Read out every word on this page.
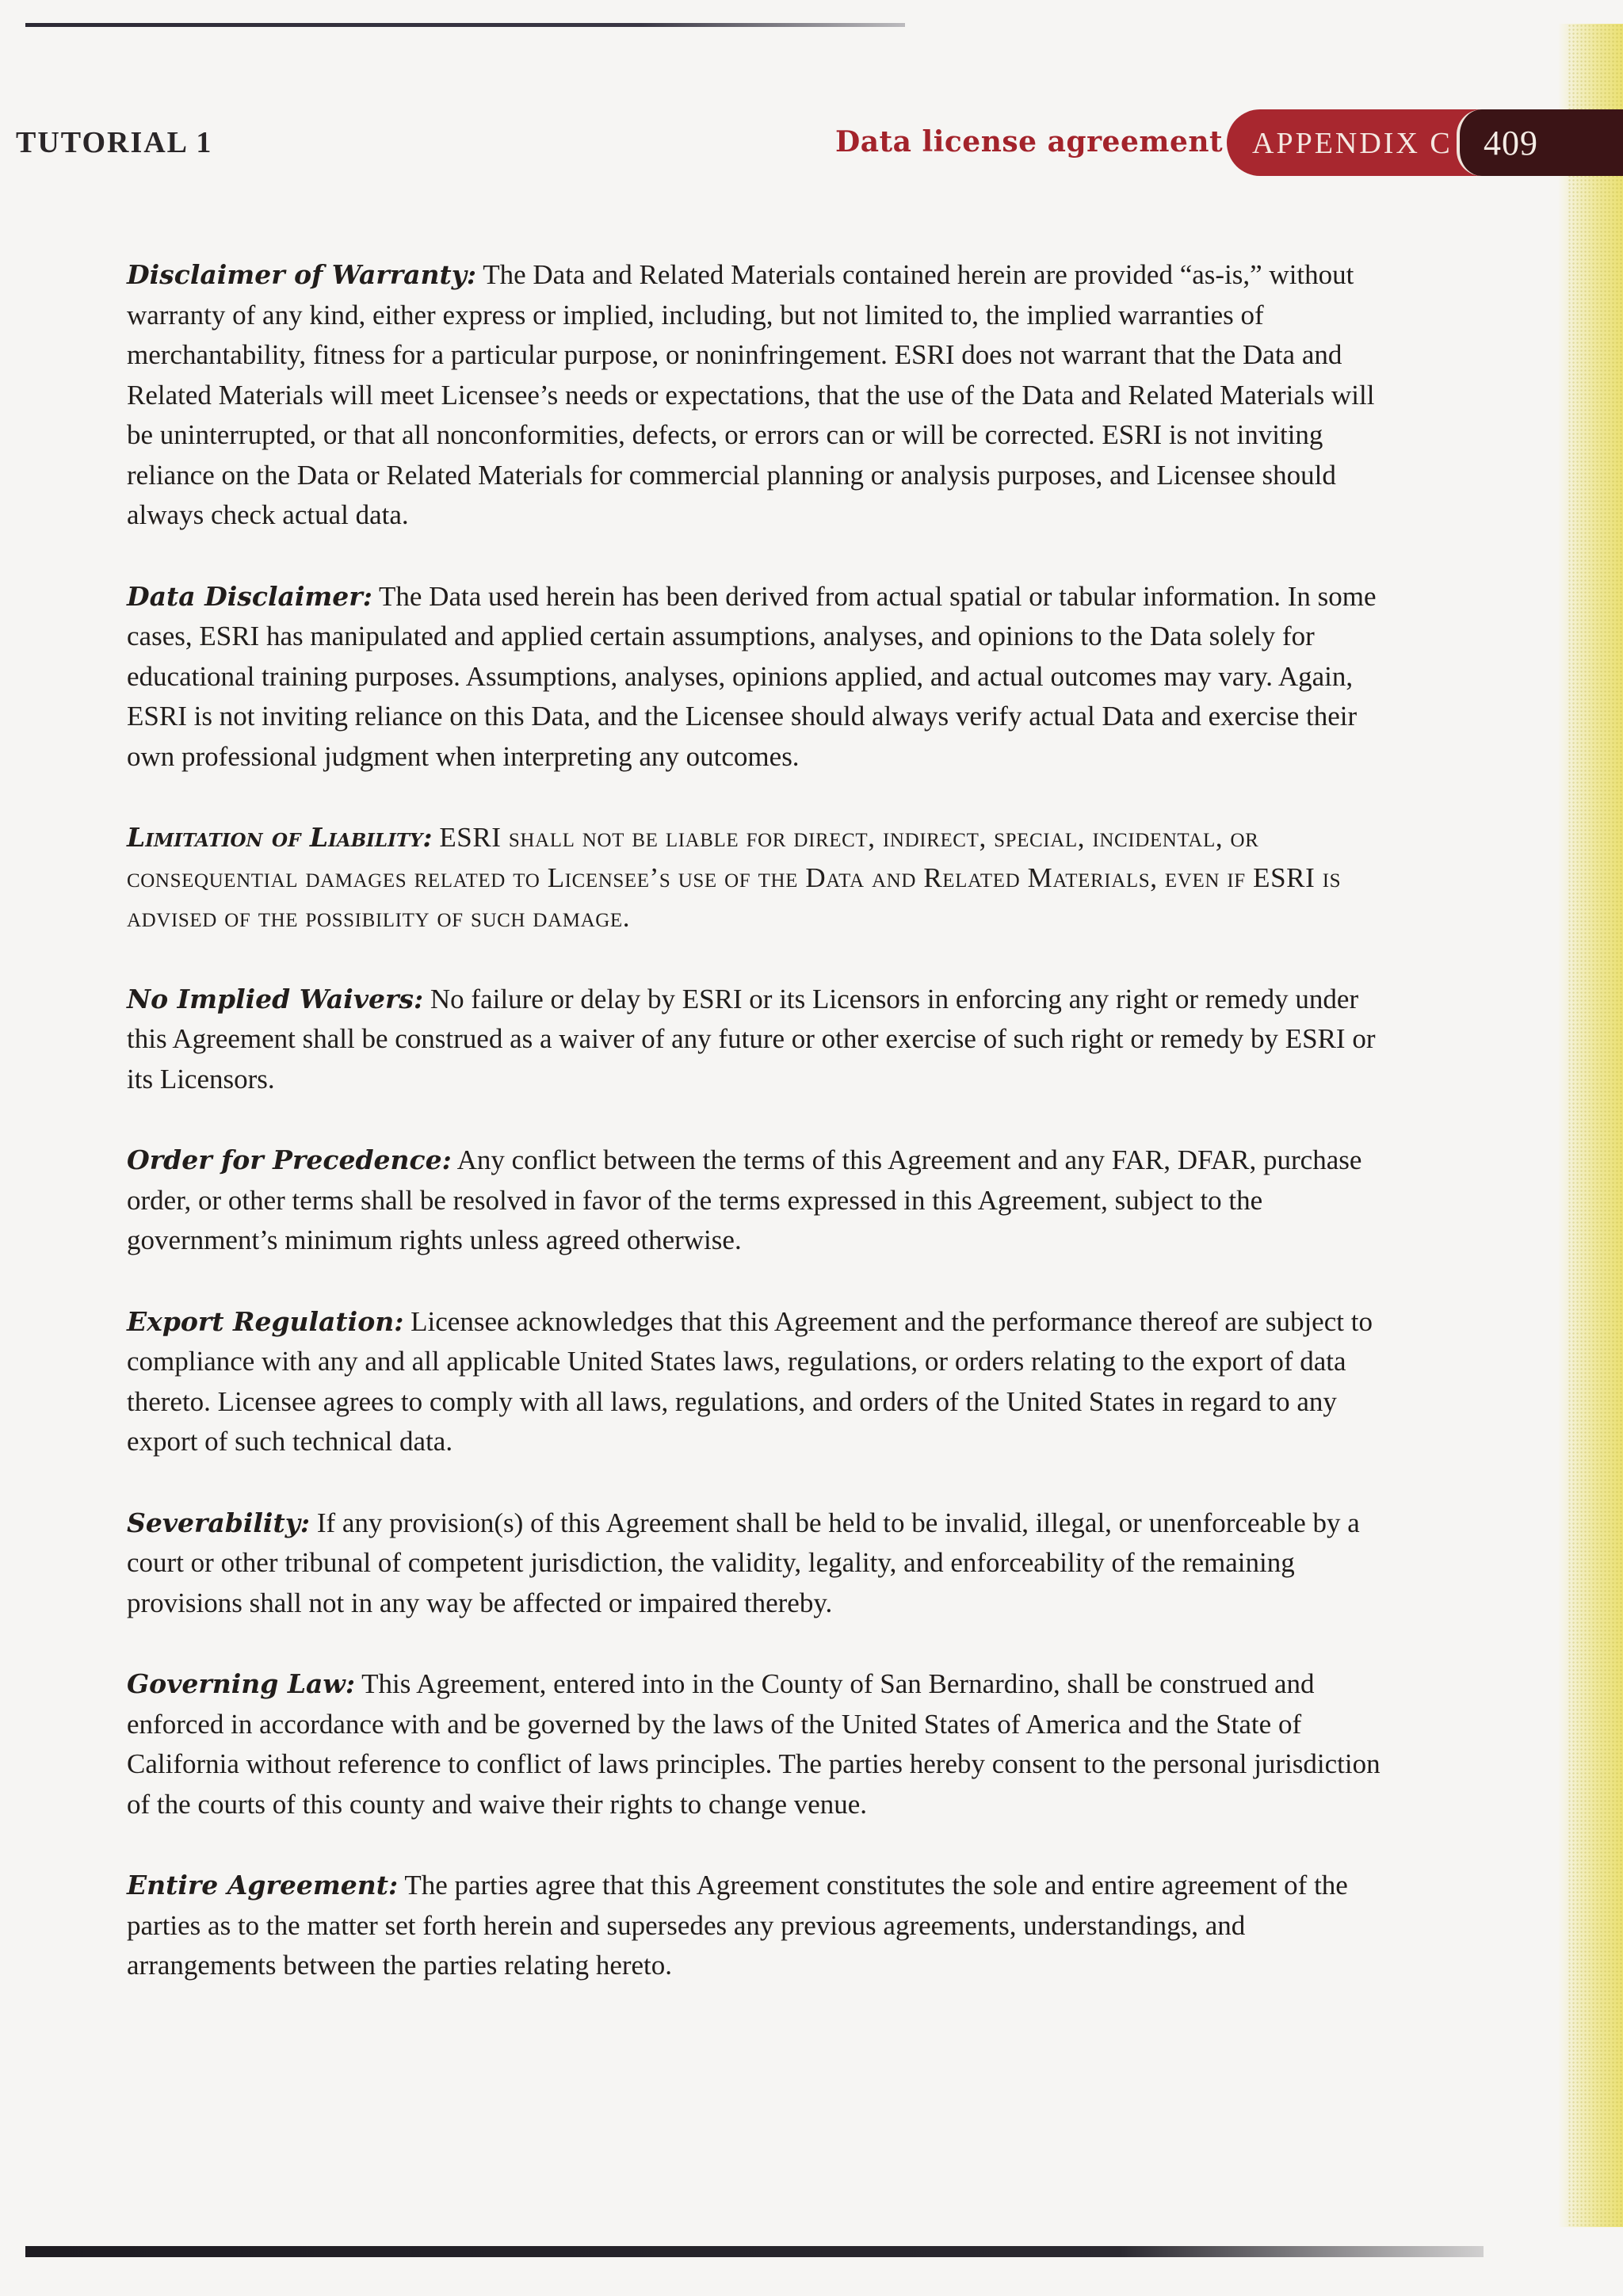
TUTORIAL 1	Data license agreement APPENDIX C 409

Disclaimer of Warranty: The Data and Related Materials contained herein are provided “as-is,” without warranty of any kind, either express or implied, including, but not limited to, the implied warranties of merchantability, fitness for a particular purpose, or noninfringement. ESRI does not warrant that the Data and Related Materials will meet Licensee’s needs or expectations, that the use of the Data and Related Materials will be uninterrupted, or that all nonconformities, defects, or errors can or will be corrected. ESRI is not inviting reliance on the Data or Related Materials for commercial planning or analysis purposes, and Licensee should always check actual data.

Data Disclaimer: The Data used herein has been derived from actual spatial or tabular information. In some cases, ESRI has manipulated and applied certain assumptions, analyses, and opinions to the Data solely for educational training purposes. Assumptions, analyses, opinions applied, and actual outcomes may vary. Again, ESRI is not inviting reliance on this Data, and the Licensee should always verify actual Data and exercise their own professional judgment when interpreting any outcomes.

Limitation of Liability: ESRI shall not be liable for direct, indirect, special, incidental, or consequential damages related to Licensee’s use of the Data and Related Materials, even if ESRI is advised of the possibility of such damage.

No Implied Waivers: No failure or delay by ESRI or its Licensors in enforcing any right or remedy under this Agreement shall be construed as a waiver of any future or other exercise of such right or remedy by ESRI or its Licensors.

Order for Precedence: Any conflict between the terms of this Agreement and any FAR, DFAR, purchase order, or other terms shall be resolved in favor of the terms expressed in this Agreement, subject to the government’s minimum rights unless agreed otherwise.

Export Regulation: Licensee acknowledges that this Agreement and the performance thereof are subject to compliance with any and all applicable United States laws, regulations, or orders relating to the export of data thereto. Licensee agrees to comply with all laws, regulations, and orders of the United States in regard to any export of such technical data.

Severability: If any provision(s) of this Agreement shall be held to be invalid, illegal, or unenforceable by a court or other tribunal of competent jurisdiction, the validity, legality, and enforceability of the remaining provisions shall not in any way be affected or impaired thereby.

Governing Law: This Agreement, entered into in the County of San Bernardino, shall be construed and enforced in accordance with and be governed by the laws of the United States of America and the State of California without reference to conflict of laws principles. The parties hereby consent to the personal jurisdiction of the courts of this county and waive their rights to change venue.

Entire Agreement: The parties agree that this Agreement constitutes the sole and entire agreement of the parties as to the matter set forth herein and supersedes any previous agreements, understandings, and arrangements between the parties relating hereto.
